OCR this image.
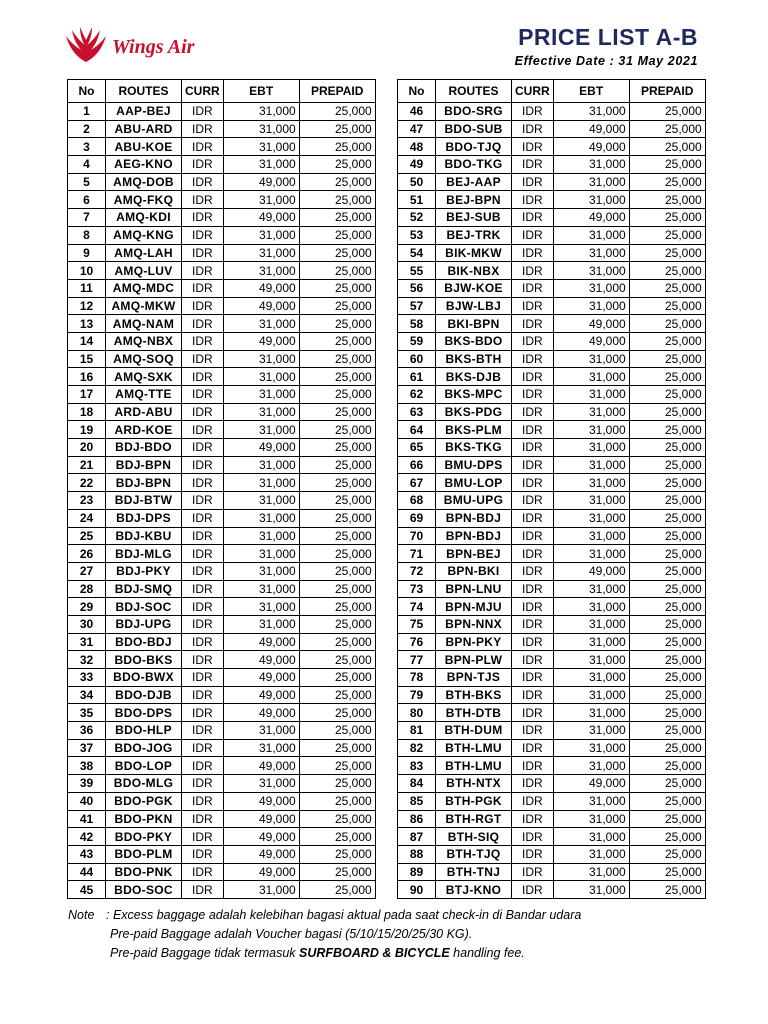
Wings Air	PRICE LIST A-B
Effective Date : 31 May 2021
No	ROUTES	CURR	EBT	PREPAID
1	AAP-BEJ	IDR	31,000	25,000
2	ABU-ARD	IDR	31,000	25,000
3	ABU-KOE	IDR	31,000	25,000
4	AEG-KNO	IDR	31,000	25,000
5	AMQ-DOB	IDR	49,000	25,000
6	AMQ-FKQ	IDR	31,000	25,000
7	AMQ-KDI	IDR	49,000	25,000
8	AMQ-KNG	IDR	31,000	25,000
9	AMQ-LAH	IDR	31,000	25,000
10	AMQ-LUV	IDR	31,000	25,000
11	AMQ-MDC	IDR	49,000	25,000
12	AMQ-MKW	IDR	49,000	25,000
13	AMQ-NAM	IDR	31,000	25,000
14	AMQ-NBX	IDR	49,000	25,000
15	AMQ-SOQ	IDR	31,000	25,000
16	AMQ-SXK	IDR	31,000	25,000
17	AMQ-TTE	IDR	31,000	25,000
18	ARD-ABU	IDR	31,000	25,000
19	ARD-KOE	IDR	31,000	25,000
20	BDJ-BDO	IDR	49,000	25,000
21	BDJ-BPN	IDR	31,000	25,000
22	BDJ-BPN	IDR	31,000	25,000
23	BDJ-BTW	IDR	31,000	25,000
24	BDJ-DPS	IDR	31,000	25,000
25	BDJ-KBU	IDR	31,000	25,000
26	BDJ-MLG	IDR	31,000	25,000
27	BDJ-PKY	IDR	31,000	25,000
28	BDJ-SMQ	IDR	31,000	25,000
29	BDJ-SOC	IDR	31,000	25,000
30	BDJ-UPG	IDR	31,000	25,000
31	BDO-BDJ	IDR	49,000	25,000
32	BDO-BKS	IDR	49,000	25,000
33	BDO-BWX	IDR	49,000	25,000
34	BDO-DJB	IDR	49,000	25,000
35	BDO-DPS	IDR	49,000	25,000
36	BDO-HLP	IDR	31,000	25,000
37	BDO-JOG	IDR	31,000	25,000
38	BDO-LOP	IDR	49,000	25,000
39	BDO-MLG	IDR	31,000	25,000
40	BDO-PGK	IDR	49,000	25,000
41	BDO-PKN	IDR	49,000	25,000
42	BDO-PKY	IDR	49,000	25,000
43	BDO-PLM	IDR	49,000	25,000
44	BDO-PNK	IDR	49,000	25,000
45	BDO-SOC	IDR	31,000	25,000
No	ROUTES	CURR	EBT	PREPAID
46	BDO-SRG	IDR	31,000	25,000
47	BDO-SUB	IDR	49,000	25,000
48	BDO-TJQ	IDR	49,000	25,000
49	BDO-TKG	IDR	31,000	25,000
50	BEJ-AAP	IDR	31,000	25,000
51	BEJ-BPN	IDR	31,000	25,000
52	BEJ-SUB	IDR	49,000	25,000
53	BEJ-TRK	IDR	31,000	25,000
54	BIK-MKW	IDR	31,000	25,000
55	BIK-NBX	IDR	31,000	25,000
56	BJW-KOE	IDR	31,000	25,000
57	BJW-LBJ	IDR	31,000	25,000
58	BKI-BPN	IDR	49,000	25,000
59	BKS-BDO	IDR	49,000	25,000
60	BKS-BTH	IDR	31,000	25,000
61	BKS-DJB	IDR	31,000	25,000
62	BKS-MPC	IDR	31,000	25,000
63	BKS-PDG	IDR	31,000	25,000
64	BKS-PLM	IDR	31,000	25,000
65	BKS-TKG	IDR	31,000	25,000
66	BMU-DPS	IDR	31,000	25,000
67	BMU-LOP	IDR	31,000	25,000
68	BMU-UPG	IDR	31,000	25,000
69	BPN-BDJ	IDR	31,000	25,000
70	BPN-BDJ	IDR	31,000	25,000
71	BPN-BEJ	IDR	31,000	25,000
72	BPN-BKI	IDR	49,000	25,000
73	BPN-LNU	IDR	31,000	25,000
74	BPN-MJU	IDR	31,000	25,000
75	BPN-NNX	IDR	31,000	25,000
76	BPN-PKY	IDR	31,000	25,000
77	BPN-PLW	IDR	31,000	25,000
78	BPN-TJS	IDR	31,000	25,000
79	BTH-BKS	IDR	31,000	25,000
80	BTH-DTB	IDR	31,000	25,000
81	BTH-DUM	IDR	31,000	25,000
82	BTH-LMU	IDR	31,000	25,000
83	BTH-LMU	IDR	31,000	25,000
84	BTH-NTX	IDR	49,000	25,000
85	BTH-PGK	IDR	31,000	25,000
86	BTH-RGT	IDR	31,000	25,000
87	BTH-SIQ	IDR	31,000	25,000
88	BTH-TJQ	IDR	31,000	25,000
89	BTH-TNJ	IDR	31,000	25,000
90	BTJ-KNO	IDR	31,000	25,000
Note : Excess baggage adalah kelebihan bagasi aktual pada saat check-in di Bandar udara
Pre-paid Baggage adalah Voucher bagasi (5/10/15/20/25/30 KG).
Pre-paid Baggage tidak termasuk SURFBOARD & BICYCLE handling fee.
